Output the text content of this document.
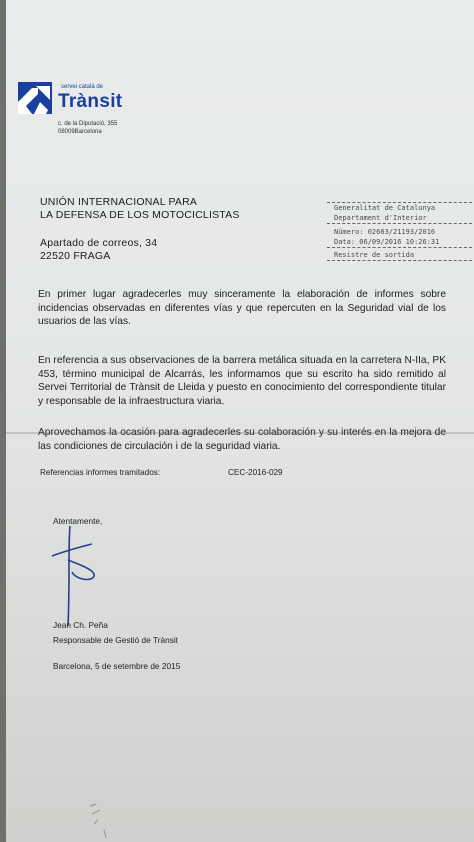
servei català de
Trànsit
c. de la Diputació, 355
08009Barcelona
UNIÓN INTERNACIONAL PARA
LA DEFENSA DE LOS MOTOCICLISTAS
Apartado de correos, 34
22520 FRAGA
Generalitat de Catalunya
Departament d'Interior
Número: 02603/21193/2016
Data: 06/09/2016 10:26:31
Resistre de sortida

En primer lugar agradecerles muy sinceramente la elaboración de informes sobre incidencias observadas en diferentes vías y que repercuten en la Seguridad vial de los usuarios de las vías.

En referencia a sus observaciones de la barrera metálica situada en la carretera N-IIa, PK 453, término municipal de Alcarrás, les informamos que su escrito ha sido remitido al Servei Territorial de Trànsit de Lleida y puesto en conocimiento del correspondiente titular y responsable de la infraestructura viaria.

Aprovechamos la ocasión para agradecerles su colaboración y su interés en la mejora de las condiciones de circulación i de la seguridad viaria.

Referencias informes tramitados:	CEC-2016-029
Atentamente,
Jean Ch. Peña
Responsable de Gestió de Trànsit
Barcelona, 5 de setembre de 2015
